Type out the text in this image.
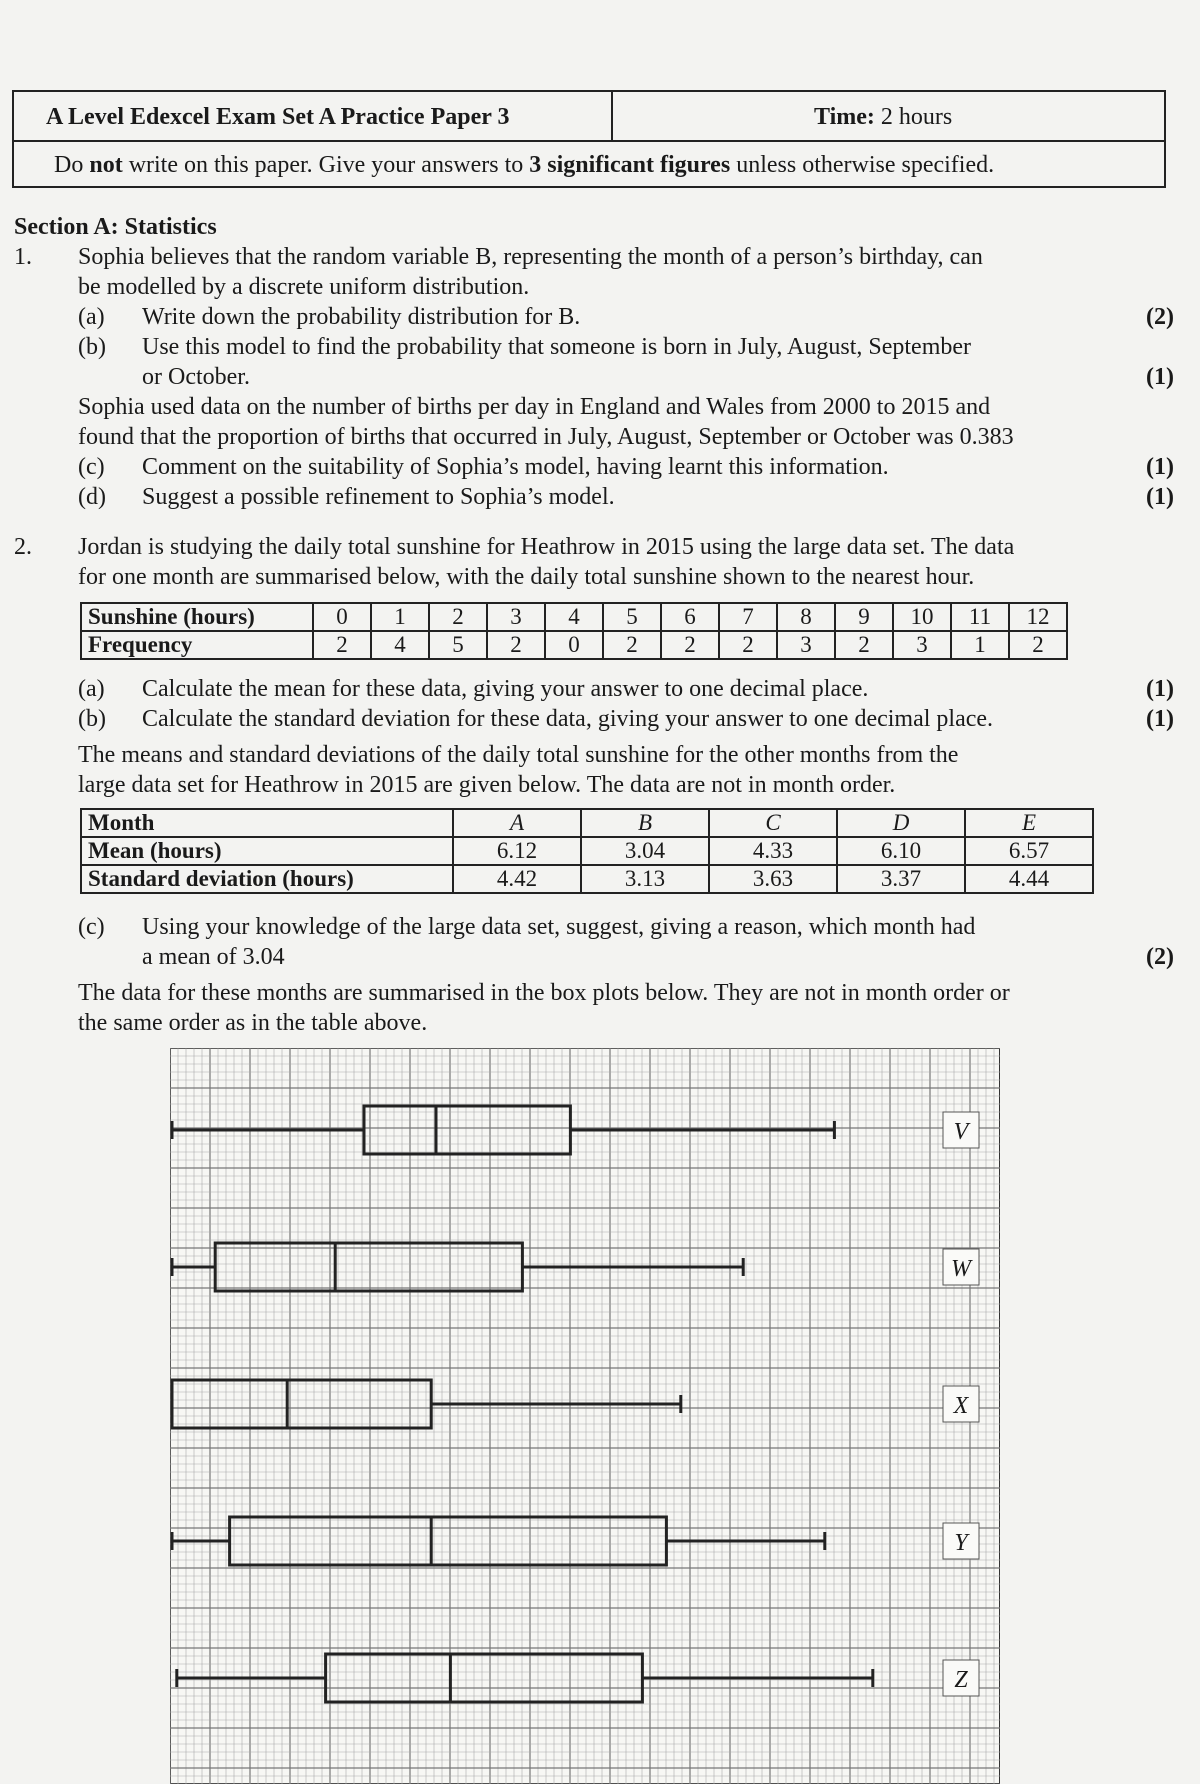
A Level Edexcel Exam Set A Practice Paper 3	Time: 2 hours
Do not write on this paper. Give your answers to 3 significant figures unless otherwise specified.
Section A: Statistics
1. Sophia believes that the random variable B, representing the month of a person’s birthday, can
be modelled by a discrete uniform distribution.
(a) Write down the probability distribution for B.	(2)
(b) Use this model to find the probability that someone is born in July, August, September
or October.	(1)
Sophia used data on the number of births per day in England and Wales from 2000 to 2015 and
found that the proportion of births that occurred in July, August, September or October was 0.383
(c) Comment on the suitability of Sophia’s model, having learnt this information.	(1)
(d) Suggest a possible refinement to Sophia’s model.	(1)
2. Jordan is studying the daily total sunshine for Heathrow in 2015 using the large data set. The data
for one month are summarised below, with the daily total sunshine shown to the nearest hour.
Sunshine (hours)	0	1	2	3	4	5	6	7	8	9	10	11	12
Frequency	2	4	5	2	0	2	2	2	3	2	3	1	2
(a) Calculate the mean for these data, giving your answer to one decimal place.	(1)
(b) Calculate the standard deviation for these data, giving your answer to one decimal place.	(1)
The means and standard deviations of the daily total sunshine for the other months from the
large data set for Heathrow in 2015 are given below. The data are not in month order.
Month	A	B	C	D	E
Mean (hours)	6.12	3.04	4.33	6.10	6.57
Standard deviation (hours)	4.42	3.13	3.63	3.37	4.44
(c) Using your knowledge of the large data set, suggest, giving a reason, which month had
a mean of 3.04	(2)
The data for these months are summarised in the box plots below. They are not in month order or
the same order as in the table above.
V
W
X
Y
Z
